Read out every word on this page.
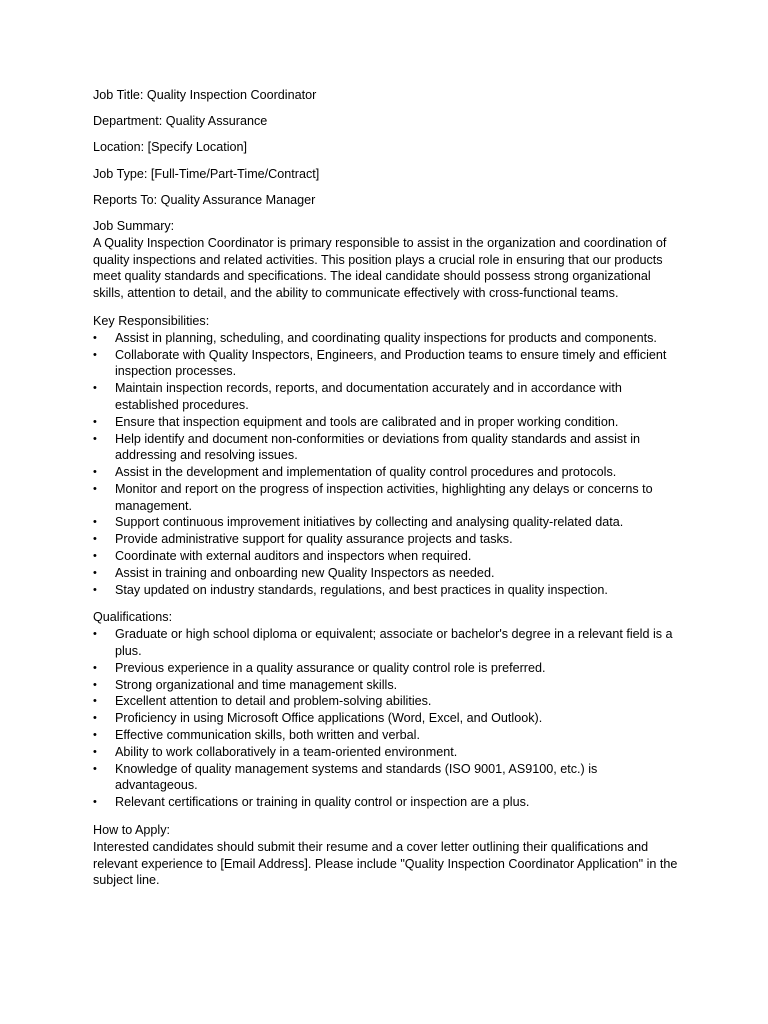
Job Title: Quality Inspection Coordinator
Department: Quality Assurance
Location: [Specify Location]
Job Type: [Full-Time/Part-Time/Contract]
Reports To: Quality Assurance Manager
Job Summary:

A Quality Inspection Coordinator is primary responsible to assist in the organization and coordination of quality inspections and related activities. This position plays a crucial role in ensuring that our products meet quality standards and specifications. The ideal candidate should possess strong organizational skills, attention to detail, and the ability to communicate effectively with cross-functional teams.

Key Responsibilities:
•	Assist in planning, scheduling, and coordinating quality inspections for products and components.
•	Collaborate with Quality Inspectors, Engineers, and Production teams to ensure timely and efficient inspection processes.
•	Maintain inspection records, reports, and documentation accurately and in accordance with established procedures.
•	Ensure that inspection equipment and tools are calibrated and in proper working condition.
•	Help identify and document non-conformities or deviations from quality standards and assist in addressing and resolving issues.
•	Assist in the development and implementation of quality control procedures and protocols.
•	Monitor and report on the progress of inspection activities, highlighting any delays or concerns to management.
•	Support continuous improvement initiatives by collecting and analysing quality-related data.
•	Provide administrative support for quality assurance projects and tasks.
•	Coordinate with external auditors and inspectors when required.
•	Assist in training and onboarding new Quality Inspectors as needed.
•	Stay updated on industry standards, regulations, and best practices in quality inspection.
Qualifications:
•	Graduate or high school diploma or equivalent; associate or bachelor's degree in a relevant field is a plus.
•	Previous experience in a quality assurance or quality control role is preferred.
•	Strong organizational and time management skills.
•	Excellent attention to detail and problem-solving abilities.
•	Proficiency in using Microsoft Office applications (Word, Excel, and Outlook).
•	Effective communication skills, both written and verbal.
•	Ability to work collaboratively in a team-oriented environment.
•	Knowledge of quality management systems and standards (ISO 9001, AS9100, etc.) is advantageous.
•	Relevant certifications or training in quality control or inspection are a plus.
How to Apply:

Interested candidates should submit their resume and a cover letter outlining their qualifications and relevant experience to [Email Address]. Please include "Quality Inspection Coordinator Application" in the subject line.
